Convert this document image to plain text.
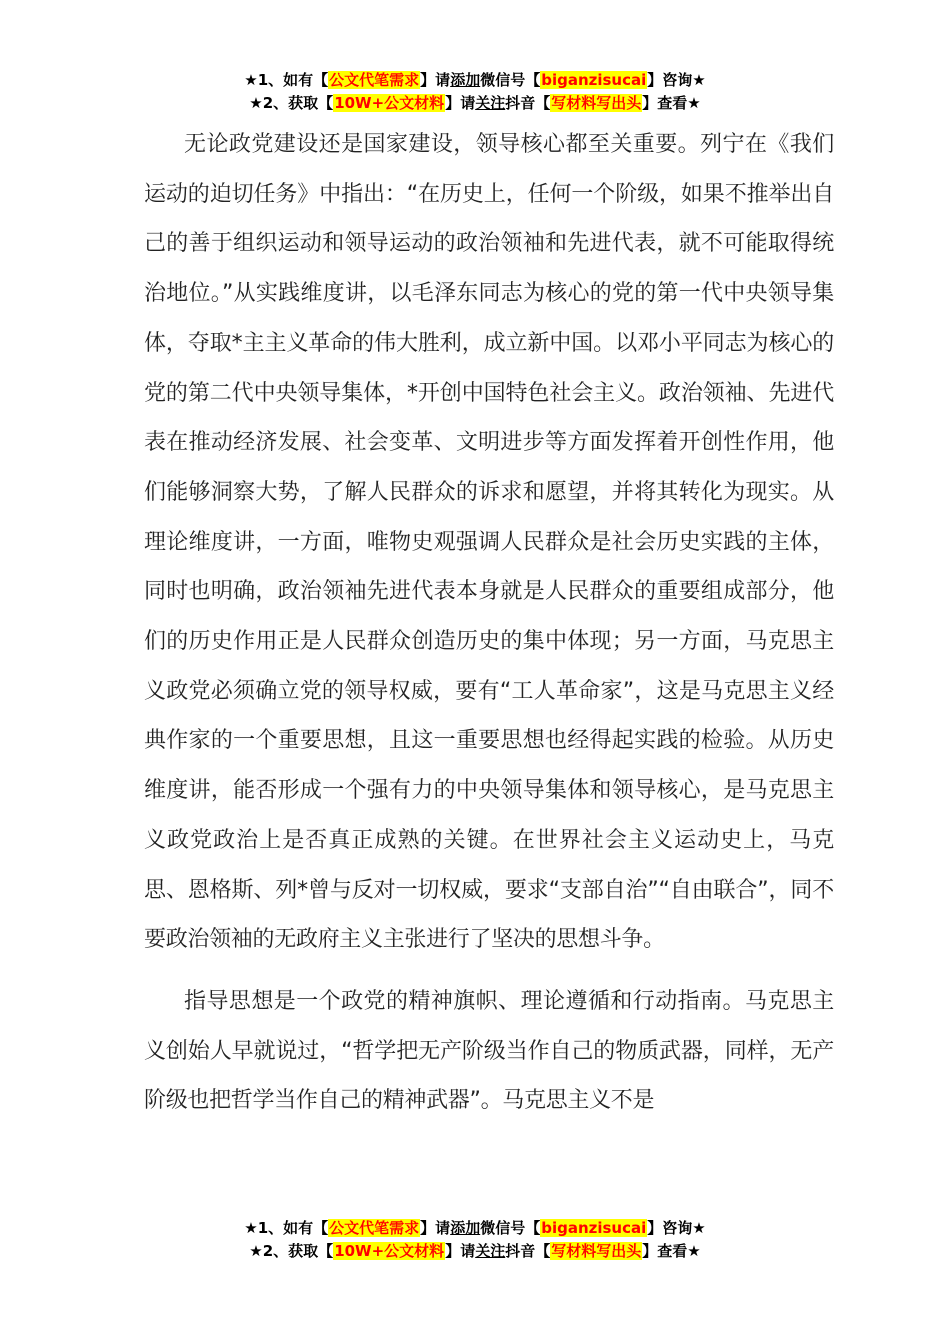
★1、如有【公文代笔需求】请添加微信号【biganzisucai】咨询★
★2、获取【10W+公文材料】请关注抖音【写材料写出头】查看★

无论政党建设还是国家建设，领导核心都至关重要。列宁在《我们运动的迫切任务》中指出：“在历史上，任何一个阶级，如果不推举出自己的善于组织运动和领导运动的政治领袖和先进代表，就不可能取得统治地位。”从实践维度讲，以毛泽东同志为核心的党的第一代中央领导集体，夺取*主主义革命的伟大胜利，成立新中国。以邓小平同志为核心的党的第二代中央领导集体，*开创中国特色社会主义。政治领袖、先进代表在推动经济发展、社会变革、文明进步等方面发挥着开创性作用，他们能够洞察大势，了解人民群众的诉求和愿望，并将其转化为现实。从理论维度讲，一方面，唯物史观强调人民群众是社会历史实践的主体，同时也明确，政治领袖先进代表本身就是人民群众的重要组成部分，他们的历史作用正是人民群众创造历史的集中体现；另一方面，马克思主义政党必须确立党的领导权威，要有“工人革命家”，这是马克思主义经典作家的一个重要思想，且这一重要思想也经得起实践的检验。从历史维度讲，能否形成一个强有力的中央领导集体和领导核心，是马克思主义政党政治上是否真正成熟的关键。在世界社会主义运动史上，马克思、恩格斯、列*曾与反对一切权威，要求“支部自治”“自由联合”，同不要政治领袖的无政府主义主张进行了坚决的思想斗争。

指导思想是一个政党的精神旗帜、理论遵循和行动指南。马克思主义创始人早就说过，“哲学把无产阶级当作自己的物质武器，同样，无产阶级也把哲学当作自己的精神武器”。马克思主义不是

★1、如有【公文代笔需求】请添加微信号【biganzisucai】咨询★
★2、获取【10W+公文材料】请关注抖音【写材料写出头】查看★
